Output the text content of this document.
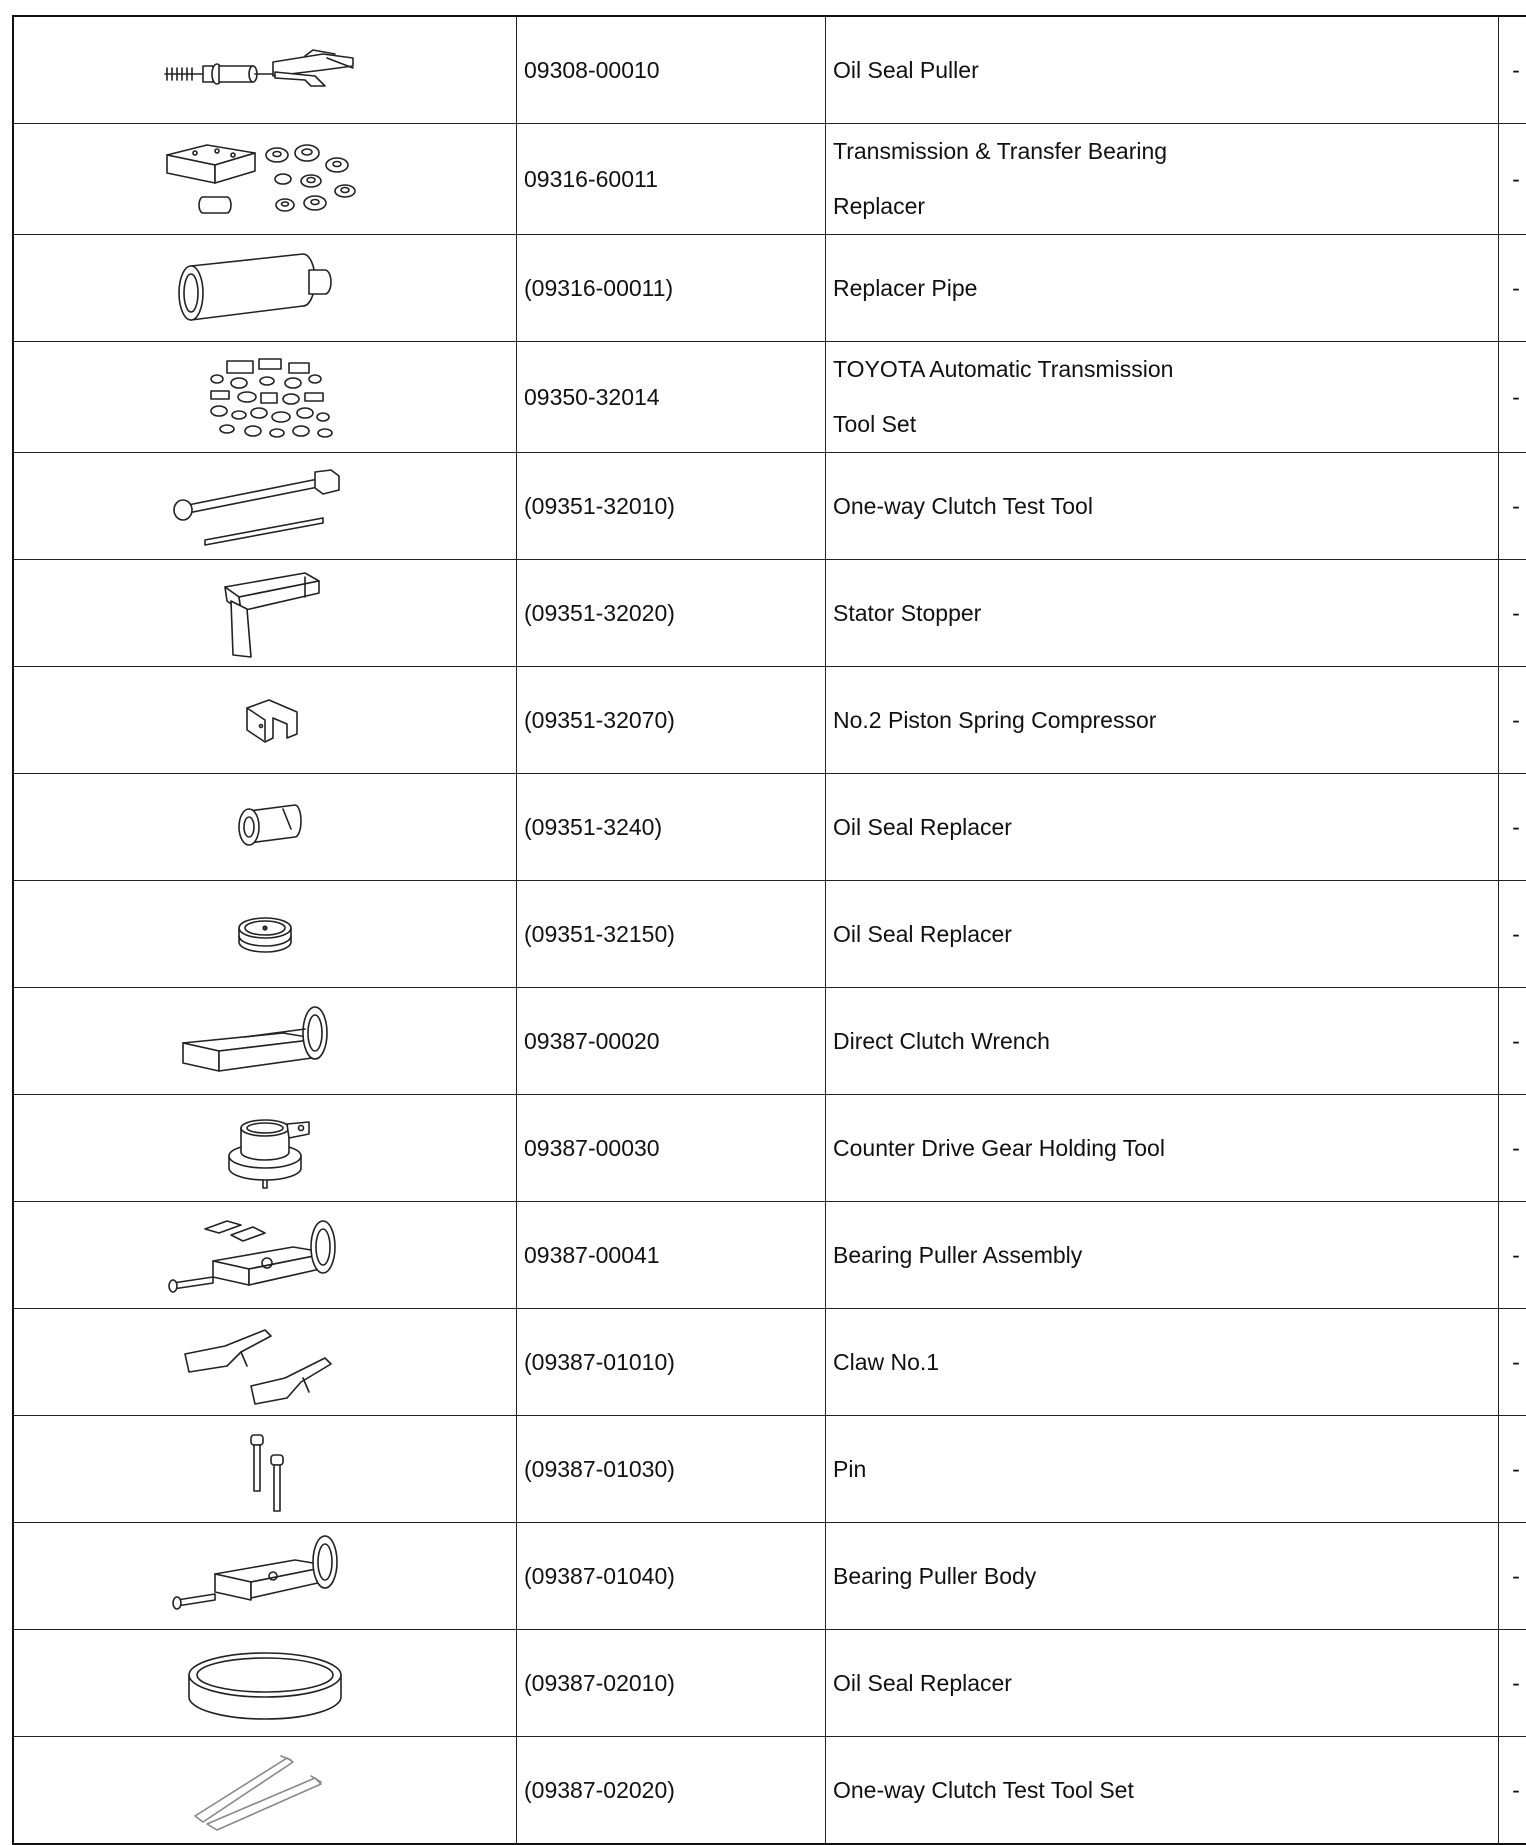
	09308-00010	Oil Seal Puller	-

	09316-60011	Transmission & Transfer Bearing
Replacer	-

	(09316-00011)	Replacer Pipe	-

	09350-32014	TOYOTA Automatic Transmission
Tool Set	-

	(09351-32010)	One-way Clutch Test Tool	-

	(09351-32020)	Stator Stopper	-

	(09351-32070)	No.2 Piston Spring Compressor	-

	(09351-3240)	Oil Seal Replacer	-

	(09351-32150)	Oil Seal Replacer	-

	09387-00020	Direct Clutch Wrench	-

	09387-00030	Counter Drive Gear Holding Tool	-

	09387-00041	Bearing Puller Assembly	-

	(09387-01010)	Claw No.1	-

	(09387-01030)	Pin	-

	(09387-01040)	Bearing Puller Body	-

	(09387-02010)	Oil Seal Replacer	-

	(09387-02020)	One-way Clutch Test Tool Set	-
